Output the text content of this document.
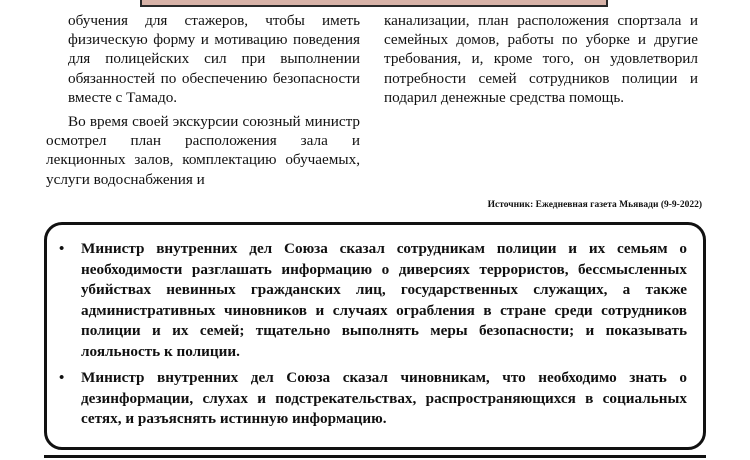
обучения для стажеров, чтобы иметь физическую форму и мотивацию поведения для полицейских сил при выполнении обязанностей по обеспечению безопасности вместе с Тамадо.

Во время своей экскурсии союзный министр осмотрел план расположения зала и лекционных залов, комплектацию обучаемых, услуги водоснабжения и

канализации, план расположения спортзала и семейных домов, работы по уборке и другие требования, и, кроме того, он удовлетворил потребности семей сотрудников полиции и подарил денежные средства помощь.

Источник: Ежедневная газета Мьявади (9-9-2022)
• Министр внутренних дел Союза сказал сотрудникам полиции и их семьям о необходимости разглашать информацию о диверсиях террористов, бессмысленных убийствах невинных гражданских лиц, государственных служащих, а также административных чиновников и случаях ограбления в стране среди сотрудников полиции и их семей; тщательно выполнять меры безопасности; и показывать лояльность к полиции.
• Министр внутренних дел Союза сказал чиновникам, что необходимо знать о дезинформации, слухах и подстрекательствах, распространяющихся в социальных сетях, и разъяснять истинную информацию.
